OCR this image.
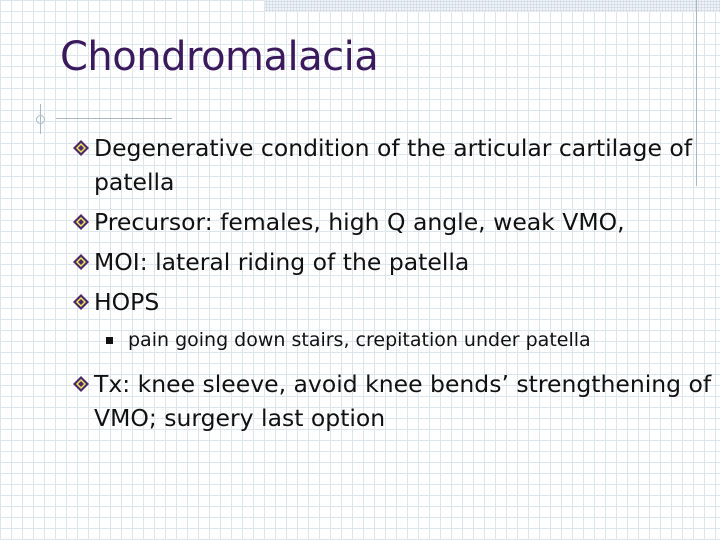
Chondromalacia
Degenerative condition of the articular cartilage of patella
Precursor: females, high Q angle, weak VMO,
MOI: lateral riding of the patella
HOPS
pain going down stairs, crepitation under patella
Tx: knee sleeve, avoid knee bends’ strengthening of VMO; surgery last option
